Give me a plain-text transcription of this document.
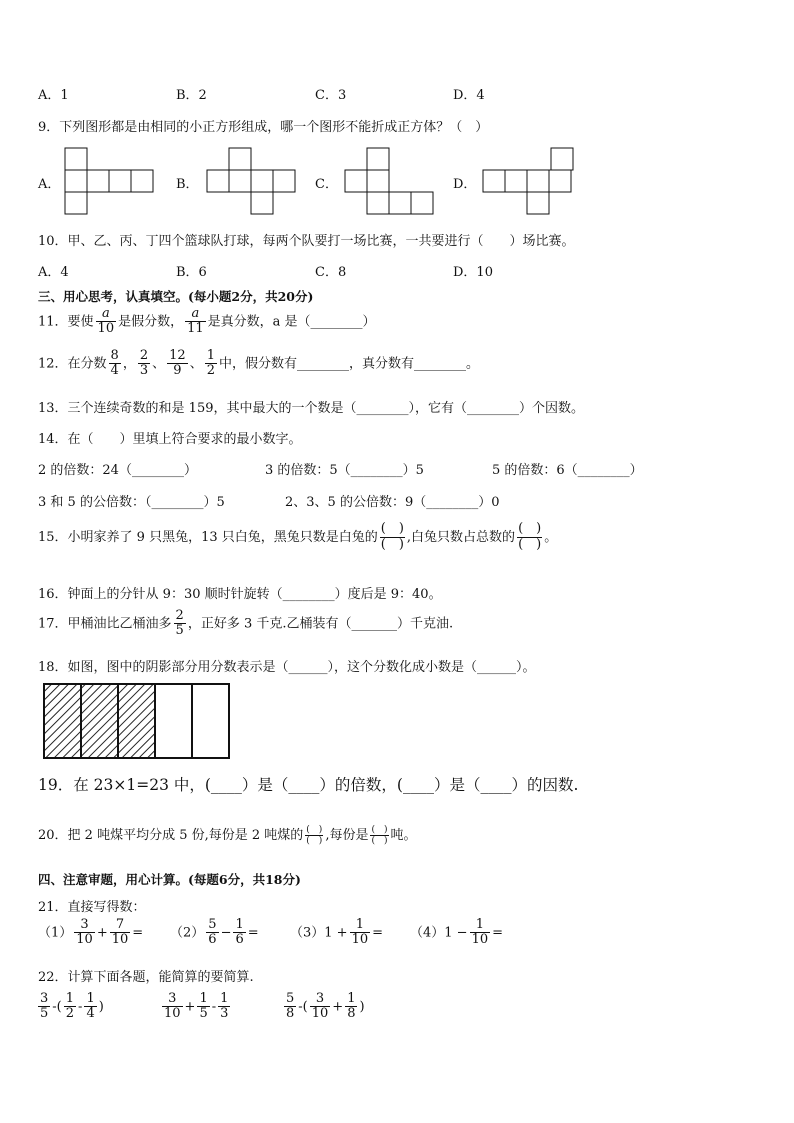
A．1	B．2	C．3	D．4
9．下列图形都是由相同的小正方形组成，哪一个图形不能折成正方体？（　）
A．	B．	C．	D．
10．甲、乙、丙、丁四个篮球队打球，每两个队要打一场比赛，一共要进行（　　）场比赛。
A．4	B．6	C．8	D．10
三、用心思考，认真填空。(每小题2分，共20分)
11．要使 $\frac{a}{10}$ 是假分数， $\frac{a}{11}$ 是真分数，a 是（________）
12．在分数 $\frac{8}{4}$ ， $\frac{2}{3}$ 、 $\frac{12}{9}$ 、 $\frac{1}{2}$ 中，假分数有________，真分数有________。
13．三个连续奇数的和是 159，其中最大的一个数是（________），它有（________）个因数。
14．在（　　）里填上符合要求的最小数字。
2 的倍数：24（________）	3 的倍数：5（________）5	5 的倍数：6（________）
3 和 5 的公倍数：（________）5	2、3、5 的公倍数：9（________）0
15．小明家养了 9 只黑兔，13 只白兔，黑兔只数是白兔的
(　)
(　) ,白兔只数占总数的
(　)
(　) 。
16．钟面上的分针从 9：30 顺时针旋转（________）度后是 9：40。
17．甲桶油比乙桶油多 $\frac{2}{5}$ ，正好多 3 千克.乙桶装有（_______）千克油.
18．如图，图中的阴影部分用分数表示是（______），这个分数化成小数是（______）。
19．在 23×1=23 中，(____）是（____）的倍数，(____）是（____）的因数.
20．把 2 吨煤平均分成 5 份,每份是 2 吨煤的 (　)
(　) ,每份是 (　)
(　) 吨。
四、注意审题，用心计算。(每题6分，共18分)
21．直接写得数：
$(1) \frac{3}{10} + \frac{7}{10} = (2) \frac{5}{6} - \frac{1}{6} = (3)1 + \frac{1}{10} = (4)1 - \frac{1}{10}$ =
22．计算下面各题，能简算的要简算.
$\frac{3}{5}$ -( $\frac{1}{2} - \frac{1}{4}$ )	$\frac{3}{10} + \frac{1}{5} - \frac{1}{3}$	$\frac{5}{8}$ -( $\frac{3}{10} + \frac{1}{8}$ )
